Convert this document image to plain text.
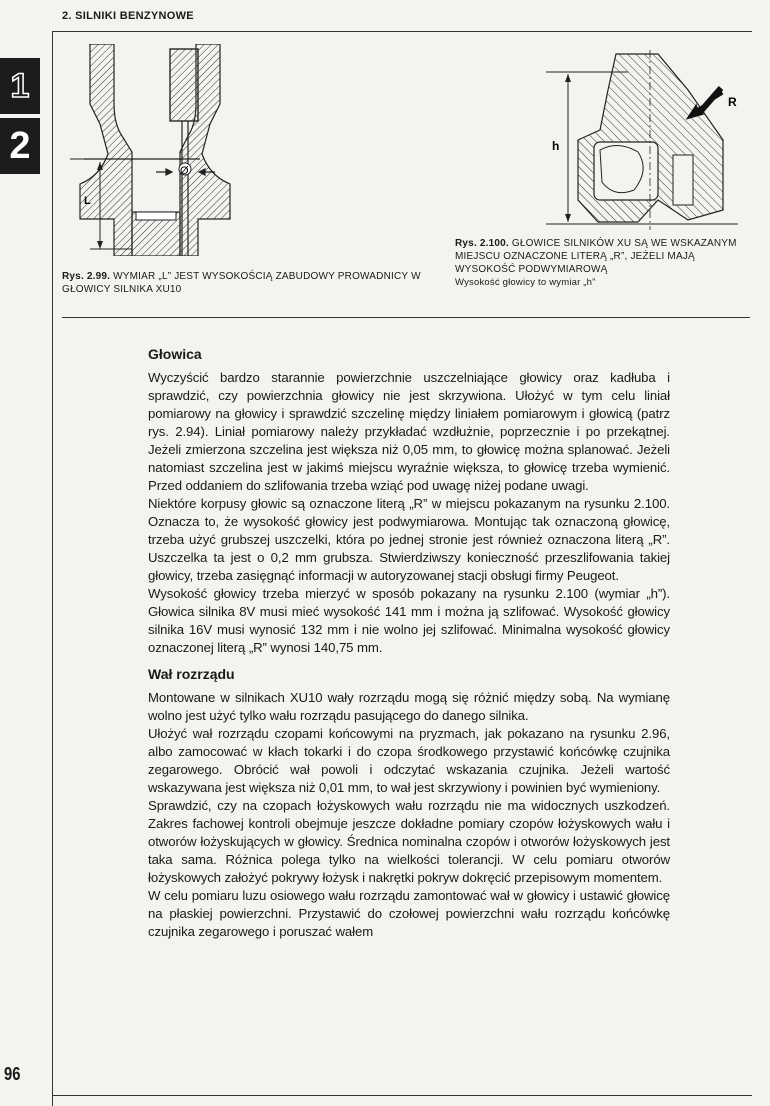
2. SILNIKI BENZYNOWE
1
2
L
Ø
h
R
Rys. 2.99. WYMIAR „L” JEST WYSOKOŚCIĄ ZABUDOWY PROWADNICY W GŁOWICY SILNIKA XU10
Rys. 2.100. GŁOWICE SILNIKÓW XU SĄ WE WSKAZANYM MIEJSCU OZNACZONE LITERĄ „R”, JEŻELI MAJĄ WYSOKOŚĆ PODWYMIAROWĄ
Wysokość głowicy to wymiar „h”
Głowica

Wyczyścić bardzo starannie powierzchnie uszczelniające głowicy oraz kadłuba i sprawdzić, czy powierzchnia głowicy nie jest skrzywiona. Ułożyć w tym celu liniał pomiarowy na głowicy i sprawdzić szczelinę między liniałem pomiarowym i głowicą (patrz rys. 2.94). Liniał pomiarowy należy przykładać wzdłużnie, poprzecznie i po przekątnej. Jeżeli zmierzona szczelina jest większa niż 0,05 mm, to głowicę można splanować. Jeżeli natomiast szczelina jest w jakimś miejscu wyraźnie większa, to głowicę trzeba wymienić. Przed oddaniem do szlifowania trzeba wziąć pod uwagę niżej podane uwagi.

Niektóre korpusy głowic są oznaczone literą „R” w miejscu pokazanym na rysunku 2.100. Oznacza to, że wysokość głowicy jest podwymiarowa. Montując tak oznaczoną głowicę, trzeba użyć grubszej uszczelki, która po jednej stronie jest również oznaczona literą „R”. Uszczelka ta jest o 0,2 mm grubsza. Stwierdziwszy konieczność przeszlifowania takiej głowicy, trzeba zasięgnąć informacji w autoryzowanej stacji obsługi firmy Peugeot.

Wysokość głowicy trzeba mierzyć w sposób pokazany na rysunku 2.100 (wymiar „h”). Głowica silnika 8V musi mieć wysokość 141 mm i można ją szlifować. Wysokość głowicy silnika 16V musi wynosić 132 mm i nie wolno jej szlifować. Minimalna wysokość głowicy oznaczonej literą „R” wynosi 140,75 mm.

Wał rozrządu

Montowane w silnikach XU10 wały rozrządu mogą się różnić między sobą. Na wymianę wolno jest użyć tylko wału rozrządu pasującego do danego silnika.

Ułożyć wał rozrządu czopami końcowymi na pryzmach, jak pokazano na rysunku 2.96, albo zamocować w kłach tokarki i do czopa środkowego przystawić końcówkę czujnika zegarowego. Obrócić wał powoli i odczytać wskazania czujnika. Jeżeli wartość wskazywana jest większa niż 0,01 mm, to wał jest skrzywiony i powinien być wymieniony.

Sprawdzić, czy na czopach łożyskowych wału rozrządu nie ma widocznych uszkodzeń. Zakres fachowej kontroli obejmuje jeszcze dokładne pomiary czopów łożyskowych wału i otworów łożyskujących w głowicy. Średnica nominalna czopów i otworów łożyskowych jest taka sama. Różnica polega tylko na wielkości tolerancji. W celu pomiaru otworów łożyskowych założyć pokrywy łożysk i nakrętki pokryw dokręcić przepisowym momentem.

W celu pomiaru luzu osiowego wału rozrządu zamontować wał w głowicy i ustawić głowicę na płaskiej powierzchni. Przystawić do czołowej powierzchni wału rozrządu końcówkę czujnika zegarowego i poruszać wałem

96
